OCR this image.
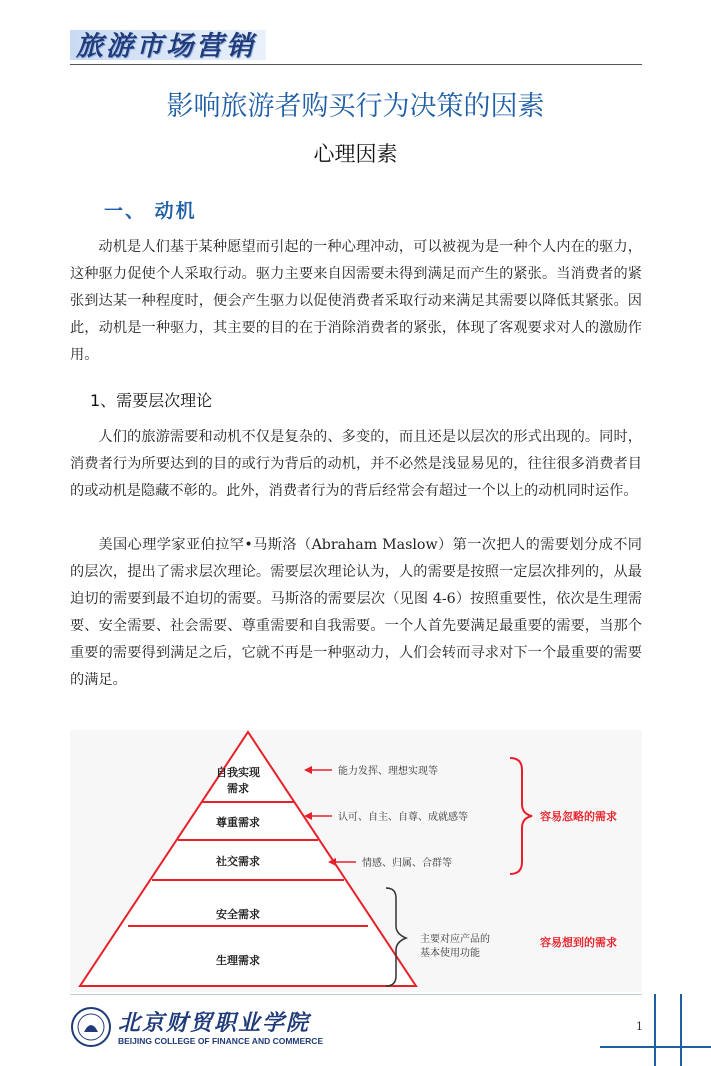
旅游市场营销
影响旅游者购买行为决策的因素
心理因素
一、 动机

动机是人们基于某种愿望而引起的一种心理冲动，可以被视为是一种个人内在的驱力，这种驱力促使个人采取行动。驱力主要来自因需要未得到满足而产生的紧张。当消费者的紧张到达某一种程度时，便会产生驱力以促使消费者采取行动来满足其需要以降低其紧张。因此，动机是一种驱力，其主要的目的在于消除消费者的紧张，体现了客观要求对人的激励作用。

1、需要层次理论

人们的旅游需要和动机不仅是复杂的、多变的，而且还是以层次的形式出现的。同时，消费者行为所要达到的目的或行为背后的动机，并不必然是浅显易见的，往往很多消费者目的或动机是隐藏不彰的。此外，消费者行为的背后经常会有超过一个以上的动机同时运作。

美国心理学家亚伯拉罕•马斯洛（Abraham Maslow）第一次把人的需要划分成不同的层次，提出了需求层次理论。需要层次理论认为，人的需要是按照一定层次排列的，从最迫切的需要到最不迫切的需要。马斯洛的需要层次（见图 4-6）按照重要性，依次是生理需要、安全需要、社会需要、尊重需要和自我需要。一个人首先要满足最重要的需要，当那个重要的需要得到满足之后，它就不再是一种驱动力，人们会转而寻求对下一个最重要的需要的满足。

自我实现
需求
尊重需求
社交需求
安全需求
生理需求
能力发挥、理想实现等
认可、自主、自尊、成就感等
情感、归属、合群等
容易忽略的需求
主要对应产品的
基本使用功能
容易想到的需求
北京财贸职业学院
BEIJING COLLEGE OF FINANCE AND COMMERCE
1
